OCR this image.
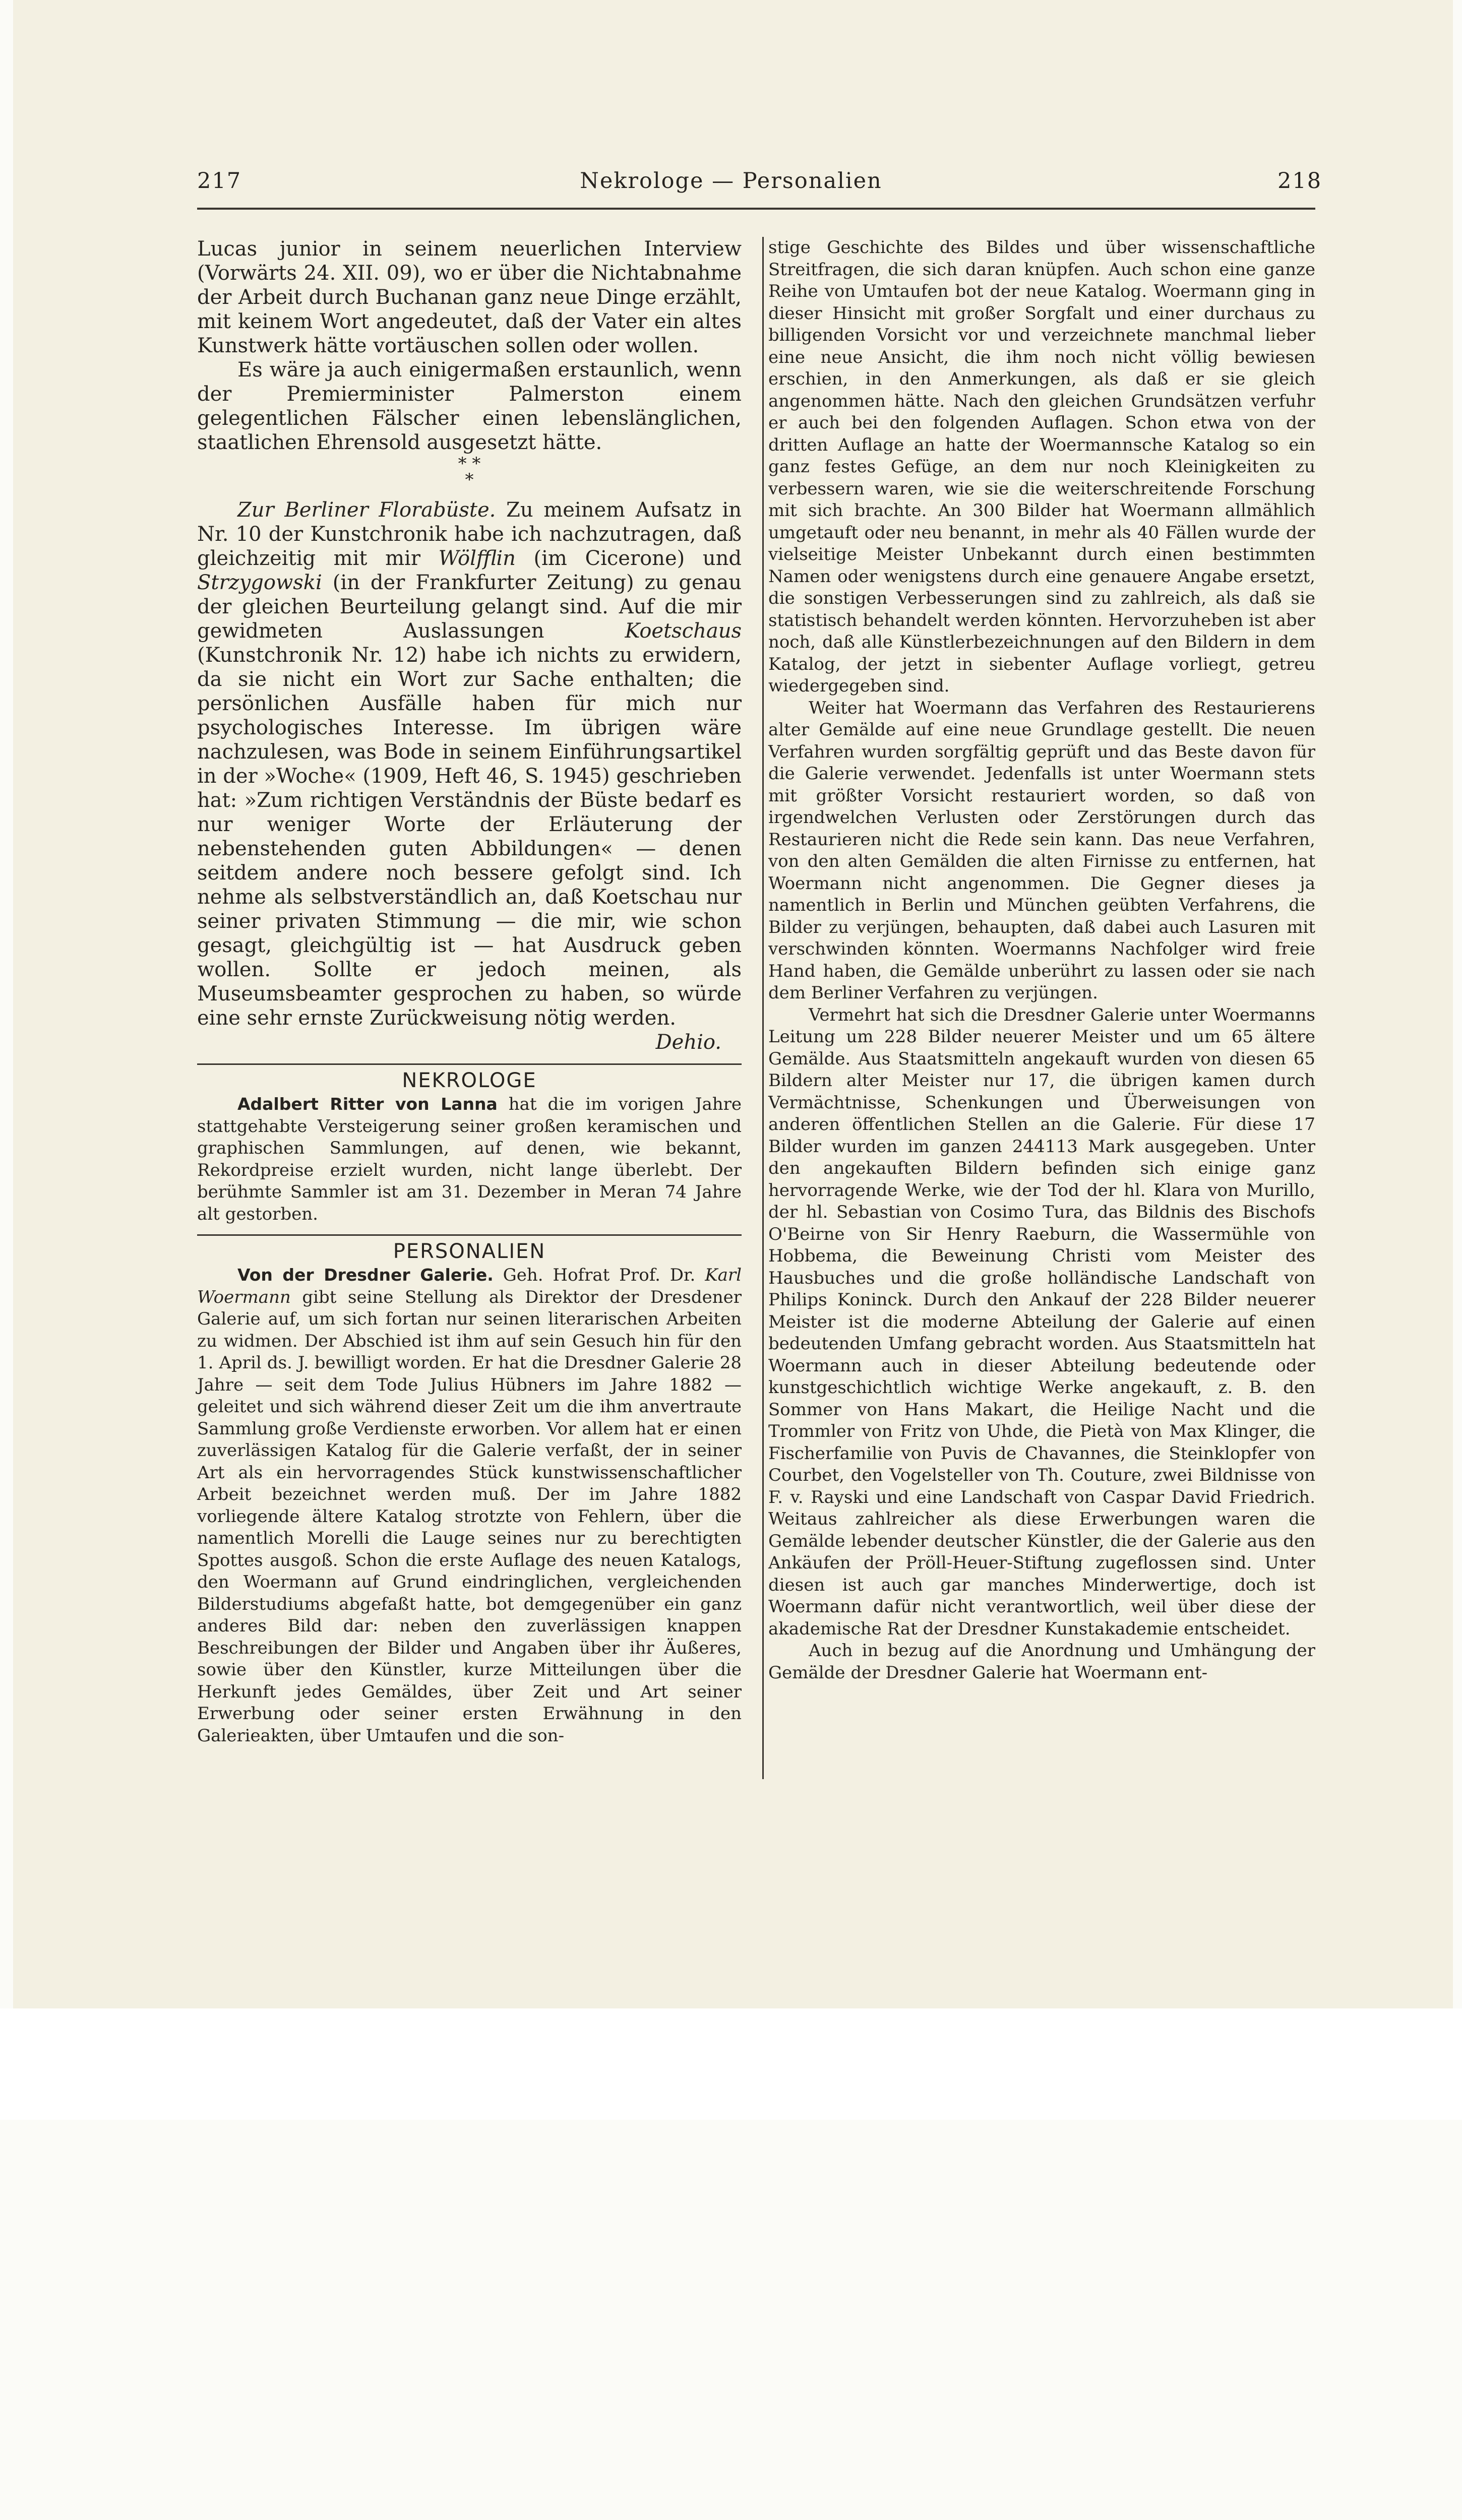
217	Nekrologe — Personalien	218

Lucas junior in seinem neuerlichen Interview (Vorwärts 24. XII. 09), wo er über die Nichtabnahme der Arbeit durch Buchanan ganz neue Dinge erzählt, mit keinem Wort angedeutet, daß der Vater ein altes Kunstwerk hätte vortäuschen sollen oder wollen.

Es wäre ja auch einigermaßen erstaunlich, wenn der Premierminister Palmerston einem gelegentlichen Fälscher einen lebenslänglichen, staatlichen Ehrensold ausgesetzt hätte.

* *
*

Zur Berliner Florabüste. Zu meinem Aufsatz in Nr. 10 der Kunstchronik habe ich nachzutragen, daß gleichzeitig mit mir Wölfflin (im Cicerone) und Strzygowski (in der Frankfurter Zeitung) zu genau der gleichen Beurteilung gelangt sind. Auf die mir gewidmeten Auslassungen Koetschaus (Kunstchronik Nr. 12) habe ich nichts zu erwidern, da sie nicht ein Wort zur Sache enthalten; die persönlichen Ausfälle haben für mich nur psychologisches Interesse. Im übrigen wäre nachzulesen, was Bode in seinem Einführungsartikel in der »Woche« (1909, Heft 46, S. 1945) geschrieben hat: »Zum richtigen Verständnis der Büste bedarf es nur weniger Worte der Erläuterung der nebenstehenden guten Abbildungen« — denen seitdem andere noch bessere gefolgt sind. Ich nehme als selbstverständlich an, daß Koetschau nur seiner privaten Stimmung — die mir, wie schon gesagt, gleichgültig ist — hat Ausdruck geben wollen. Sollte er jedoch meinen, als Museumsbeamter gesprochen zu haben, so würde eine sehr ernste Zurückweisung nötig werden.

Dehio.
NEKROLOGE

Adalbert Ritter von Lanna hat die im vorigen Jahre stattgehabte Versteigerung seiner großen keramischen und graphischen Sammlungen, auf denen, wie bekannt, Rekordpreise erzielt wurden, nicht lange überlebt. Der berühmte Sammler ist am 31. Dezember in Meran 74 Jahre alt gestorben.

PERSONALIEN

Von der Dresdner Galerie. Geh. Hofrat Prof. Dr. Karl Woermann gibt seine Stellung als Direktor der Dresdener Galerie auf, um sich fortan nur seinen literarischen Arbeiten zu widmen. Der Abschied ist ihm auf sein Gesuch hin für den 1. April ds. J. bewilligt worden. Er hat die Dresdner Galerie 28 Jahre — seit dem Tode Julius Hübners im Jahre 1882 — geleitet und sich während dieser Zeit um die ihm anvertraute Sammlung große Verdienste erworben. Vor allem hat er einen zuverlässigen Katalog für die Galerie verfaßt, der in seiner Art als ein hervorragendes Stück kunstwissenschaftlicher Arbeit bezeichnet werden muß. Der im Jahre 1882 vorliegende ältere Katalog strotzte von Fehlern, über die namentlich Morelli die Lauge seines nur zu berechtigten Spottes ausgoß. Schon die erste Auflage des neuen Katalogs, den Woermann auf Grund eindringlichen, vergleichenden Bilderstudiums abgefaßt hatte, bot demgegenüber ein ganz anderes Bild dar: neben den zuverlässigen knappen Beschreibungen der Bilder und Angaben über ihr Äußeres, sowie über den Künstler, kurze Mitteilungen über die Herkunft jedes Gemäldes, über Zeit und Art seiner Erwerbung oder seiner ersten Erwähnung in den Galerieakten, über Umtaufen und die son-

stige Geschichte des Bildes und über wissenschaftliche Streitfragen, die sich daran knüpfen. Auch schon eine ganze Reihe von Umtaufen bot der neue Katalog. Woermann ging in dieser Hinsicht mit großer Sorgfalt und einer durchaus zu billigenden Vorsicht vor und verzeichnete manchmal lieber eine neue Ansicht, die ihm noch nicht völlig bewiesen erschien, in den Anmerkungen, als daß er sie gleich angenommen hätte. Nach den gleichen Grundsätzen verfuhr er auch bei den folgenden Auflagen. Schon etwa von der dritten Auflage an hatte der Woermannsche Katalog so ein ganz festes Gefüge, an dem nur noch Kleinigkeiten zu verbessern waren, wie sie die weiterschreitende Forschung mit sich brachte. An 300 Bilder hat Woermann allmählich umgetauft oder neu benannt, in mehr als 40 Fällen wurde der vielseitige Meister Unbekannt durch einen bestimmten Namen oder wenigstens durch eine genauere Angabe ersetzt, die sonstigen Verbesserungen sind zu zahlreich, als daß sie statistisch behandelt werden könnten. Hervorzuheben ist aber noch, daß alle Künstlerbezeichnungen auf den Bildern in dem Katalog, der jetzt in siebenter Auflage vorliegt, getreu wiedergegeben sind.

Weiter hat Woermann das Verfahren des Restaurierens alter Gemälde auf eine neue Grundlage gestellt. Die neuen Verfahren wurden sorgfältig geprüft und das Beste davon für die Galerie verwendet. Jedenfalls ist unter Woermann stets mit größter Vorsicht restauriert worden, so daß von irgendwelchen Verlusten oder Zerstörungen durch das Restaurieren nicht die Rede sein kann. Das neue Verfahren, von den alten Gemälden die alten Firnisse zu entfernen, hat Woermann nicht angenommen. Die Gegner dieses ja namentlich in Berlin und München geübten Verfahrens, die Bilder zu verjüngen, behaupten, daß dabei auch Lasuren mit verschwinden könnten. Woermanns Nachfolger wird freie Hand haben, die Gemälde unberührt zu lassen oder sie nach dem Berliner Verfahren zu verjüngen.

Vermehrt hat sich die Dresdner Galerie unter Woermanns Leitung um 228 Bilder neuerer Meister und um 65 ältere Gemälde. Aus Staatsmitteln angekauft wurden von diesen 65 Bildern alter Meister nur 17, die übrigen kamen durch Vermächtnisse, Schenkungen und Überweisungen von anderen öffentlichen Stellen an die Galerie. Für diese 17 Bilder wurden im ganzen 244113 Mark ausgegeben. Unter den angekauften Bildern befinden sich einige ganz hervorragende Werke, wie der Tod der hl. Klara von Murillo, der hl. Sebastian von Cosimo Tura, das Bildnis des Bischofs O'Beirne von Sir Henry Raeburn, die Wassermühle von Hobbema, die Beweinung Christi vom Meister des Hausbuches und die große holländische Landschaft von Philips Koninck. Durch den Ankauf der 228 Bilder neuerer Meister ist die moderne Abteilung der Galerie auf einen bedeutenden Umfang gebracht worden. Aus Staatsmitteln hat Woermann auch in dieser Abteilung bedeutende oder kunstgeschichtlich wichtige Werke angekauft, z. B. den Sommer von Hans Makart, die Heilige Nacht und die Trommler von Fritz von Uhde, die Pietà von Max Klinger, die Fischerfamilie von Puvis de Chavannes, die Steinklopfer von Courbet, den Vogelsteller von Th. Couture, zwei Bildnisse von F. v. Rayski und eine Landschaft von Caspar David Friedrich. Weitaus zahlreicher als diese Erwerbungen waren die Gemälde lebender deutscher Künstler, die der Galerie aus den Ankäufen der Pröll-Heuer-Stiftung zugeflossen sind. Unter diesen ist auch gar manches Minderwertige, doch ist Woermann dafür nicht verantwortlich, weil über diese der akademische Rat der Dresdner Kunstakademie entscheidet.

Auch in bezug auf die Anordnung und Umhängung der Gemälde der Dresdner Galerie hat Woermann ent-
